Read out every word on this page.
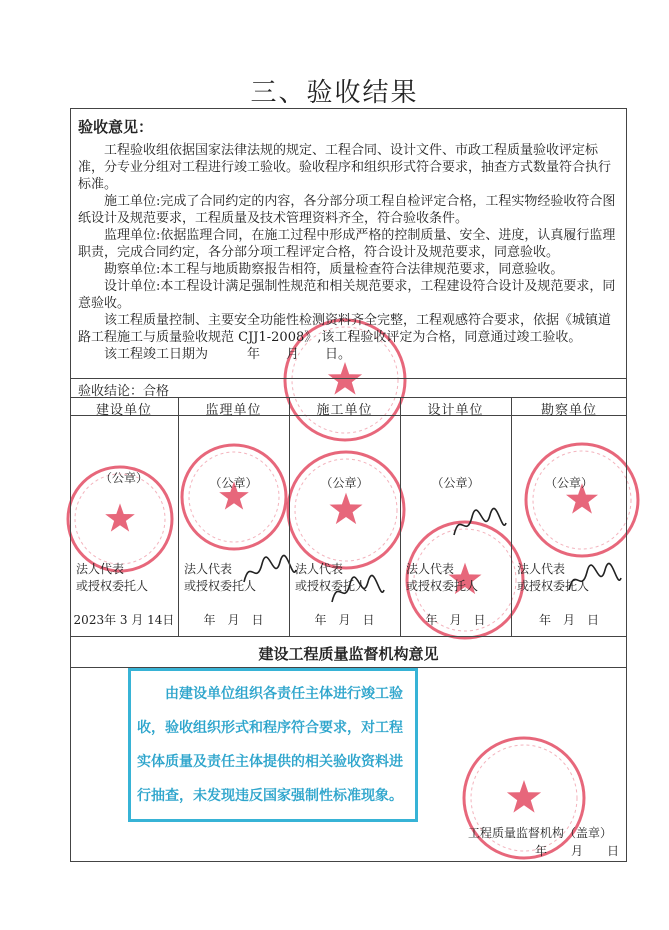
三、验收结果
验收意见：

工程验收组依据国家法律法规的规定、工程合同、设计文件、市政工程质量验收评定标准，分专业分组对工程进行竣工验收。验收程序和组织形式符合要求，抽查方式数量符合执行标准。

施工单位:完成了合同约定的内容，各分部分项工程自检评定合格，工程实物经验收符合图纸设计及规范要求，工程质量及技术管理资料齐全，符合验收条件。

监理单位:依据监理合同，在施工过程中形成严格的控制质量、安全、进度，认真履行监理职责，完成合同约定，各分部分项工程评定合格，符合设计及规范要求，同意验收。

勘察单位:本工程与地质勘察报告相符，质量检查符合法律规范要求，同意验收。

设计单位:本工程设计满足强制性规范和相关规范要求，工程建设符合设计及规范要求，同意验收。

该工程质量控制、主要安全功能性检测资料齐全完整，工程观感符合要求，依据《城镇道路工程施工与质量验收规范 CJJ1-2008》,该工程验收评定为合格，同意通过竣工验收。

该工程竣工日期为　　　年　　月　　日。

验收结论：合格
建设单位
（公章）
法人代表
或授权委托人
2023年 3 月 14日
监理单位
（公章）
法人代表
或授权委托人
年　月　日
施工单位
（公章）
法人代表
或授权委托人
年　月　日
设计单位
（公章）
法人代表
或授权委托人
年　月　日
勘察单位
（公章）
法人代表
或授权委托人
年　月　日
建设工程质量监督机构意见
由建设单位组织各责任主体进行竣工验收，验收组织形式和程序符合要求，对工程实体质量及责任主体提供的相关验收资料进行抽查，未发现违反国家强制性标准现象。
工程质量监督机构（盖章）
年　　月　　日
